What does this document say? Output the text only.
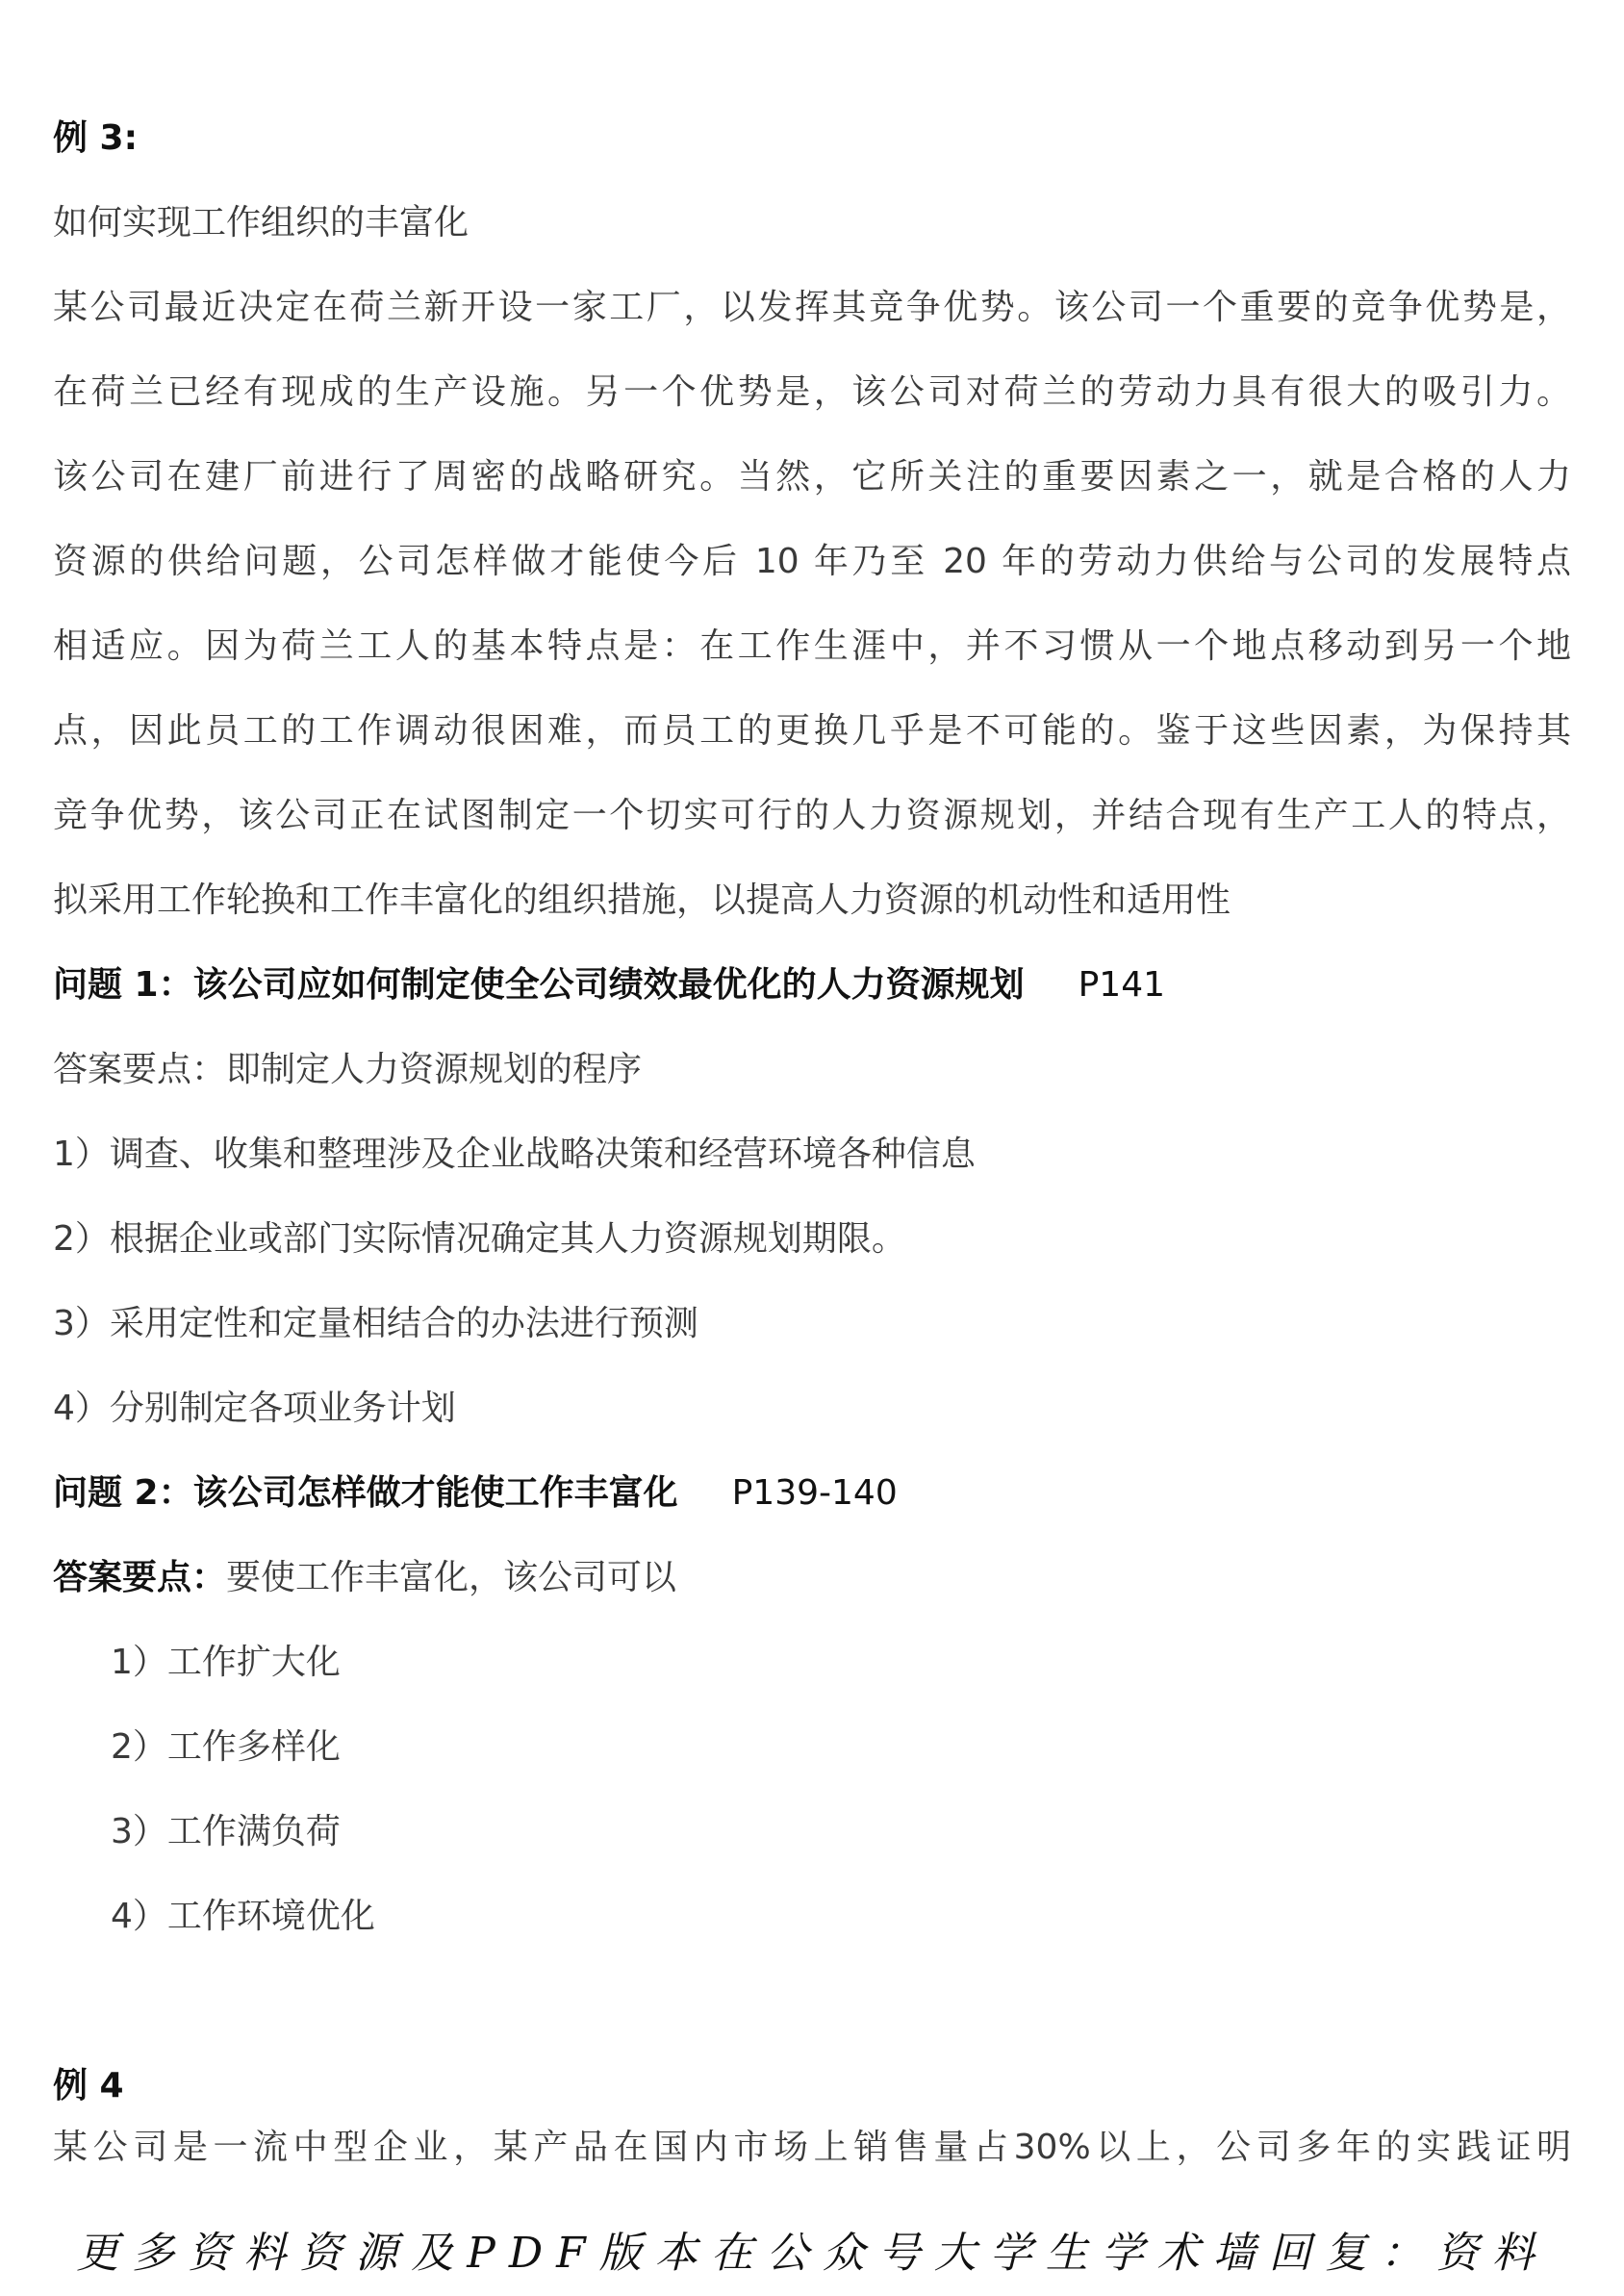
例 3:
如何实现工作组织的丰富化
某公司最近决定在荷兰新开设一家工厂，以发挥其竞争优势。该公司一个重要的竞争优势是，
在荷兰已经有现成的生产设施。另一个优势是，该公司对荷兰的劳动力具有很大的吸引力。
该公司在建厂前进行了周密的战略研究。当然，它所关注的重要因素之一，就是合格的人力
资源的供给问题，公司怎样做才能使今后 10 年乃至 20 年的劳动力供给与公司的发展特点
相适应。因为荷兰工人的基本特点是：在工作生涯中，并不习惯从一个地点移动到另一个地
点，因此员工的工作调动很困难，而员工的更换几乎是不可能的。鉴于这些因素，为保持其
竞争优势，该公司正在试图制定一个切实可行的人力资源规划，并结合现有生产工人的特点，
拟采用工作轮换和工作丰富化的组织措施，以提高人力资源的机动性和适用性
问题 1：该公司应如何制定使全公司绩效最优化的人力资源规划 P141
答案要点：即制定人力资源规划的程序
1）调查、收集和整理涉及企业战略决策和经营环境各种信息
2）根据企业或部门实际情况确定其人力资源规划期限。
3）采用定性和定量相结合的办法进行预测
4）分别制定各项业务计划
问题 2：该公司怎样做才能使工作丰富化 P139-140
答案要点：要使工作丰富化，该公司可以
1）工作扩大化
2）工作多样化
3）工作满负荷
4）工作环境优化
例 4
某公司是一流中型企业，某产品在国内市场上销售量占30%以上，公司多年的实践证明
更多资料资源及PDF版本在公众号大学生学术墙回复：资料
